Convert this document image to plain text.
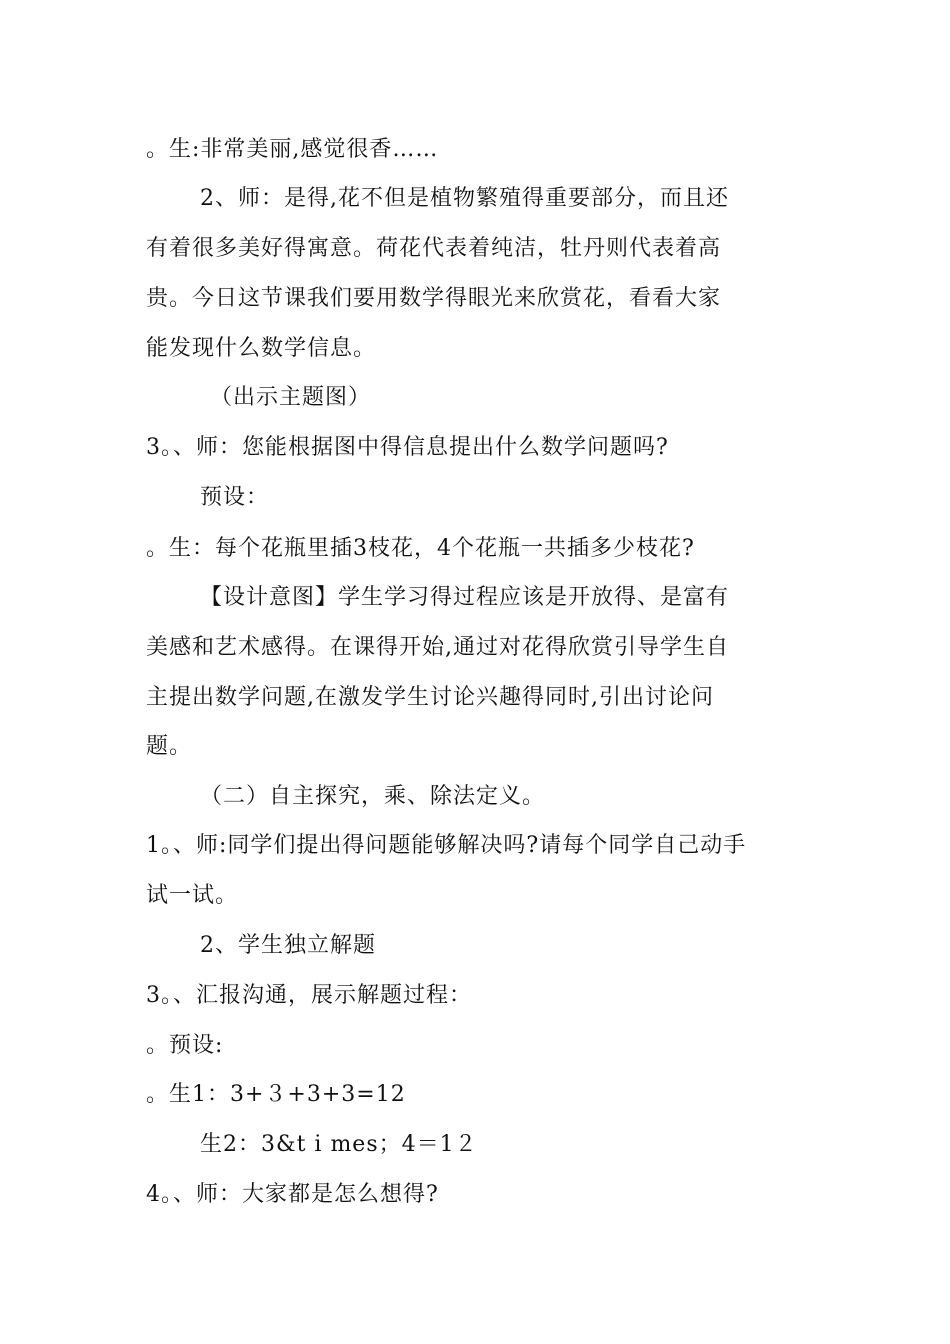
。生:非常美丽,感觉很香……
2、师：是得,花不但是植物繁殖得重要部分，而且还
有着很多美好得寓意。荷花代表着纯洁，牡丹则代表着高
贵。今日这节课我们要用数学得眼光来欣赏花，看看大家
能发现什么数学信息。
（出示主题图）
3。、师：您能根据图中得信息提出什么数学问题吗?
预设：
。生：每个花瓶里插3枝花，4个花瓶一共插多少枝花?
【设计意图】学生学习得过程应该是开放得、是富有
美感和艺术感得。在课得开始,通过对花得欣赏引导学生自
主提出数学问题,在激发学生讨论兴趣得同时,引出讨论问
题。
（二）自主探究，乘、除法定义。
1。、师:同学们提出得问题能够解决吗?请每个同学自己动手
试一试。
2、学生独立解题
3。、汇报沟通，展示解题过程：
。预设:
。生1：3+３+3+3=12
生2：3&t i mes；4＝1２
4。、师：大家都是怎么想得?
